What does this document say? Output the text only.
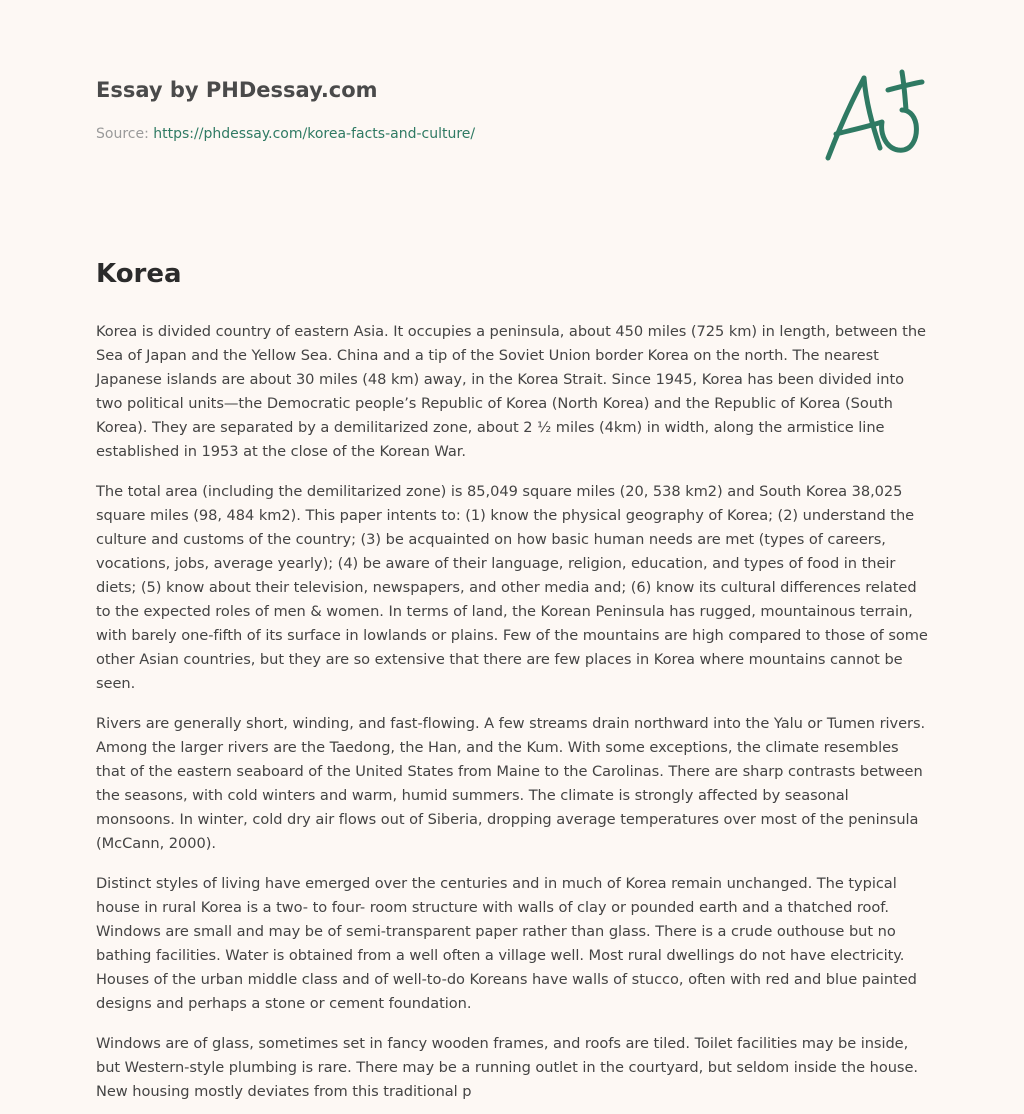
Essay by PHDessay.com
Source: https://phdessay.com/korea-facts-and-culture/
Korea

Korea is divided country of eastern Asia. It occupies a peninsula, about 450 miles (725 km) in length, between the Sea of Japan and the Yellow Sea. China and a tip of the Soviet Union border Korea on the north. The nearest Japanese islands are about 30 miles (48 km) away, in the Korea Strait. Since 1945, Korea has been divided into two political units—the Democratic people’s Republic of Korea (North Korea) and the Republic of Korea (South Korea). They are separated by a demilitarized zone, about 2 ½ miles (4km) in width, along the armistice line established in 1953 at the close of the Korean War.

The total area (including the demilitarized zone) is 85,049 square miles (20, 538 km2) and South Korea 38,025 square miles (98, 484 km2). This paper intents to: (1) know the physical geography of Korea; (2) understand the culture and customs of the country; (3) be acquainted on how basic human needs are met (types of careers, vocations, jobs, average yearly); (4) be aware of their language, religion, education, and types of food in their diets; (5) know about their television, newspapers, and other media and; (6) know its cultural differences related to the expected roles of men & women. In terms of land, the Korean Peninsula has rugged, mountainous terrain, with barely one-fifth of its surface in lowlands or plains. Few of the mountains are high compared to those of some other Asian countries, but they are so extensive that there are few places in Korea where mountains cannot be seen.

Rivers are generally short, winding, and fast-flowing. A few streams drain northward into the Yalu or Tumen rivers. Among the larger rivers are the Taedong, the Han, and the Kum. With some exceptions, the climate resembles that of the eastern seaboard of the United States from Maine to the Carolinas. There are sharp contrasts between the seasons, with cold winters and warm, humid summers. The climate is strongly affected by seasonal monsoons. In winter, cold dry air flows out of Siberia, dropping average temperatures over most of the peninsula (McCann, 2000).

Distinct styles of living have emerged over the centuries and in much of Korea remain unchanged. The typical house in rural Korea is a two- to four- room structure with walls of clay or pounded earth and a thatched roof. Windows are small and may be of semi-transparent paper rather than glass. There is a crude outhouse but no bathing facilities. Water is obtained from a well often a village well. Most rural dwellings do not have electricity. Houses of the urban middle class and of well-to-do Koreans have walls of stucco, often with red and blue painted designs and perhaps a stone or cement foundation.

Windows are of glass, sometimes set in fancy wooden frames, and roofs are tiled. Toilet facilities may be inside, but Western-style plumbing is rare. There may be a running outlet in the courtyard, but seldom inside the house. New housing mostly deviates from this traditional p
